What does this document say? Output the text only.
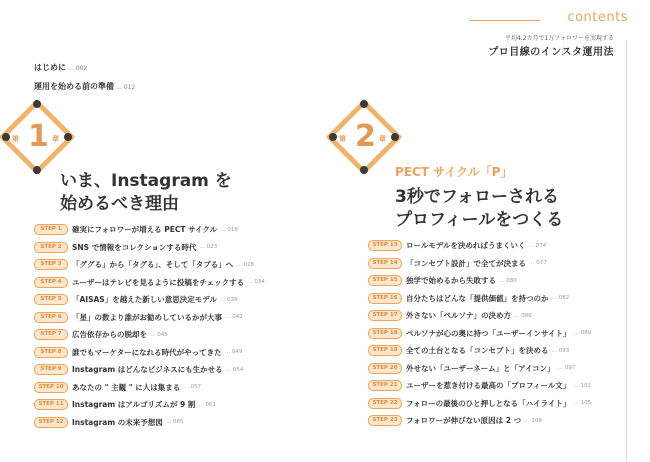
contents
平均4.2カ月で1万フォロワーを実現する
プロ目線のインスタ運用法
はじめに … 002
運用を始める前の準備 … 012
第 1 章
いま、Instagram を
始めるべき理由
STEP 1	確実にフォロワーが増える PECT サイクル … 018
STEP 2	SNS で情報をコレクションする時代 … 023
STEP 3	「ググる」から「タグる」、そして「タブる」へ … 028
STEP 4	ユーザーはテレビを見るように投稿をチェックする … 034
STEP 5	「AISAS」を越えた新しい意思決定モデル … 038
STEP 6	「星」の数より誰がお勧めしているかが大事 … 042
STEP 7	広告依存からの脱却を … 045
STEP 8	誰でもマーケターになれる時代がやってきた … 049
STEP 9	Instagram はどんなビジネスにも生かせる … 054
STEP 10	あなたの " 主観 " に人は集まる … 057
STEP 11	Instagram はアルゴリズムが 9 割 … 061
STEP 12	Instagram の未来予想図 … 065
第 2 章
PECT サイクル「P」
3秒でフォローされる
プロフィールをつくる
STEP 13	ロールモデルを決めればうまくいく … 074
STEP 14	「コンセプト設計」で全てが決まる … 077
STEP 15	独学で始めるから失敗する … 080
STEP 16	自分たちはどんな「提供価値」を持つのか … 082
STEP 17	外さない「ペルソナ」の決め方 … 086
STEP 18	ペルソナが心の奥に持つ「ユーザーインサイト」 … 089
STEP 19	全ての土台となる「コンセプト」を決める … 093
STEP 20	外せない「ユーザーネーム」と「アイコン」 … 097
STEP 21	ユーザーを惹き付ける最高の「プロフィール文」 … 102
STEP 22	フォローの最後のひと押しとなる「ハイライト」 … 105
STEP 23	フォロワーが伸びない原因は 2 つ … 109
